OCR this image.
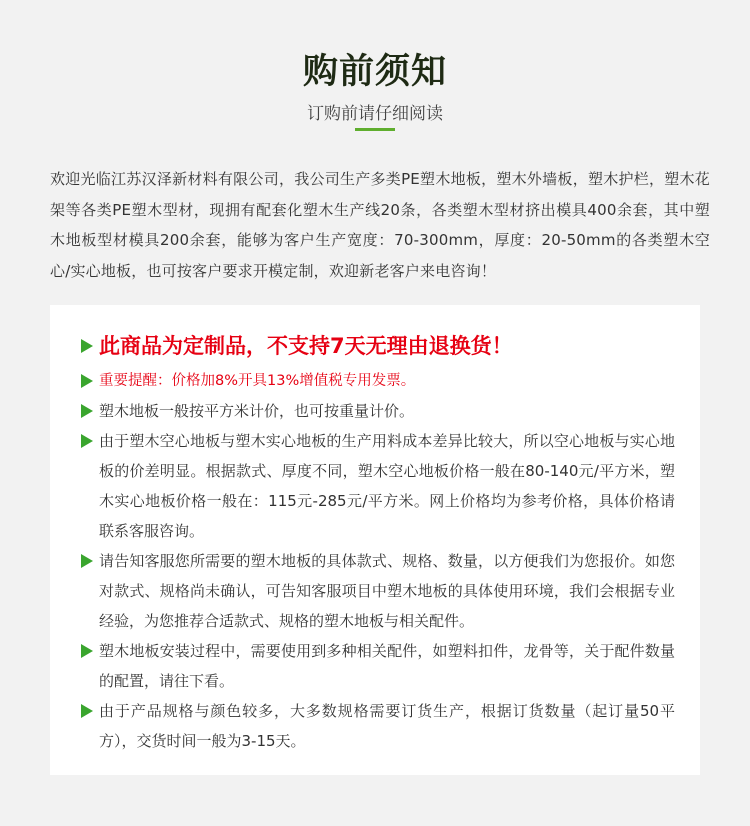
购前须知
订购前请仔细阅读
欢迎光临江苏汉泽新材料有限公司，我公司生产多类PE塑木地板，塑木外墙板，塑木护栏，塑木花架等各类PE塑木型材，现拥有配套化塑木生产线20条，各类塑木型材挤出模具400余套，其中塑木地板型材模具200余套，能够为客户生产宽度：70-300mm，厚度：20-50mm的各类塑木空心/实心地板，也可按客户要求开模定制，欢迎新老客户来电咨询！
此商品为定制品，不支持7天无理由退换货！
重要提醒：价格加8%开具13%增值税专用发票。
塑木地板一般按平方米计价，也可按重量计价。
由于塑木空心地板与塑木实心地板的生产用料成本差异比较大，所以空心地板与实心地板的价差明显。根据款式、厚度不同，塑木空心地板价格一般在80-140元/平方米，塑木实心地板价格一般在：115元-285元/平方米。网上价格均为参考价格，具体价格请联系客服咨询。
请告知客服您所需要的塑木地板的具体款式、规格、数量，以方便我们为您报价。如您对款式、规格尚未确认，可告知客服项目中塑木地板的具体使用环境，我们会根据专业经验，为您推荐合适款式、规格的塑木地板与相关配件。
塑木地板安装过程中，需要使用到多种相关配件，如塑料扣件，龙骨等，关于配件数量的配置，请往下看。
由于产品规格与颜色较多，大多数规格需要订货生产，根据订货数量（起订量50平方），交货时间一般为3-15天。
